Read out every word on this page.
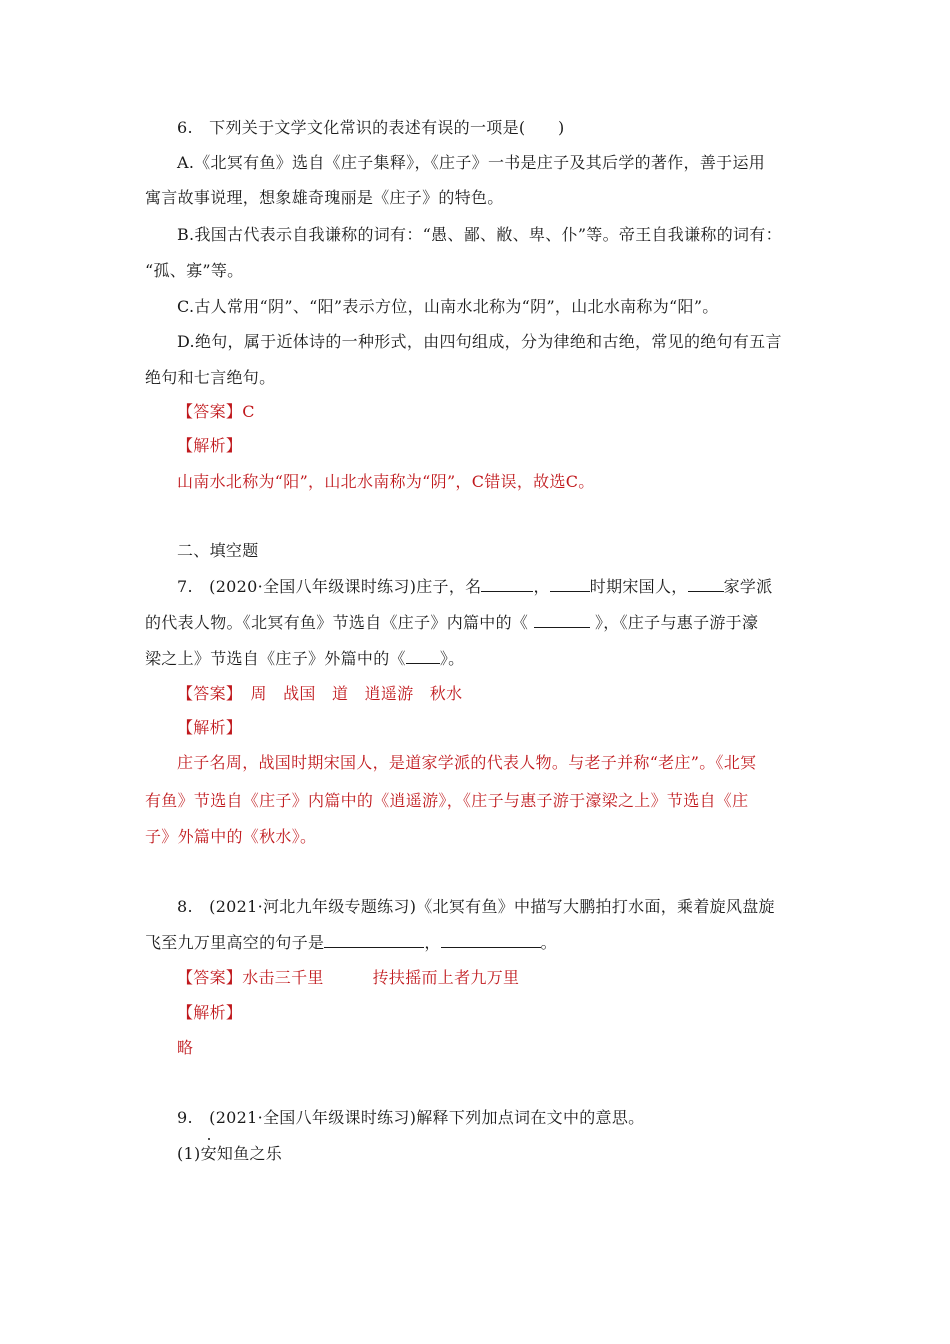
6.　下列关于文学文化常识的表述有误的一项是(　　)
A.《北冥有鱼》选自《庄子集释》，《庄子》一书是庄子及其后学的著作，善于运用
寓言故事说理，想象雄奇瑰丽是《庄子》的特色。
B.我国古代表示自我谦称的词有：“愚、鄙、敝、卑、仆”等。帝王自我谦称的词有：
“孤、寡”等。
C.古人常用“阴”、“阳”表示方位，山南水北称为“阴”，山北水南称为“阳”。
D.绝句，属于近体诗的一种形式，由四句组成，分为律绝和古绝，常见的绝句有五言
绝句和七言绝句。
【答案】C
【解析】
山南水北称为“阳”，山北水南称为“阴”，C错误，故选C。
二、填空题
7.　(2020·全国八年级课时练习)庄子，名	，	时期宋国人， 家学派
的代表人物。《北冥有鱼》节选自《庄子》内篇中的《	》，《庄子与惠子游于濠
梁之上》节选自《庄子》外篇中的《 》。
【答案】　周　战国　道　逍遥游　秋水
【解析】
庄子名周，战国时期宋国人，是道家学派的代表人物。与老子并称“老庄”。《北冥
有鱼》节选自《庄子》内篇中的《逍遥游》，《庄子与惠子游于濠梁之上》节选自《庄
子》外篇中的《秋水》。
8.　(2021·河北九年级专题练习)《北冥有鱼》中描写大鹏拍打水面，乘着旋风盘旋
飞至九万里高空的句子是	，	。
【答案】水击三千里　　　抟扶摇而上者九万里
【解析】
略
9.　(2021·全国八年级课时练习)解释下列加点词在文中的意思。
(1)安知鱼之乐
